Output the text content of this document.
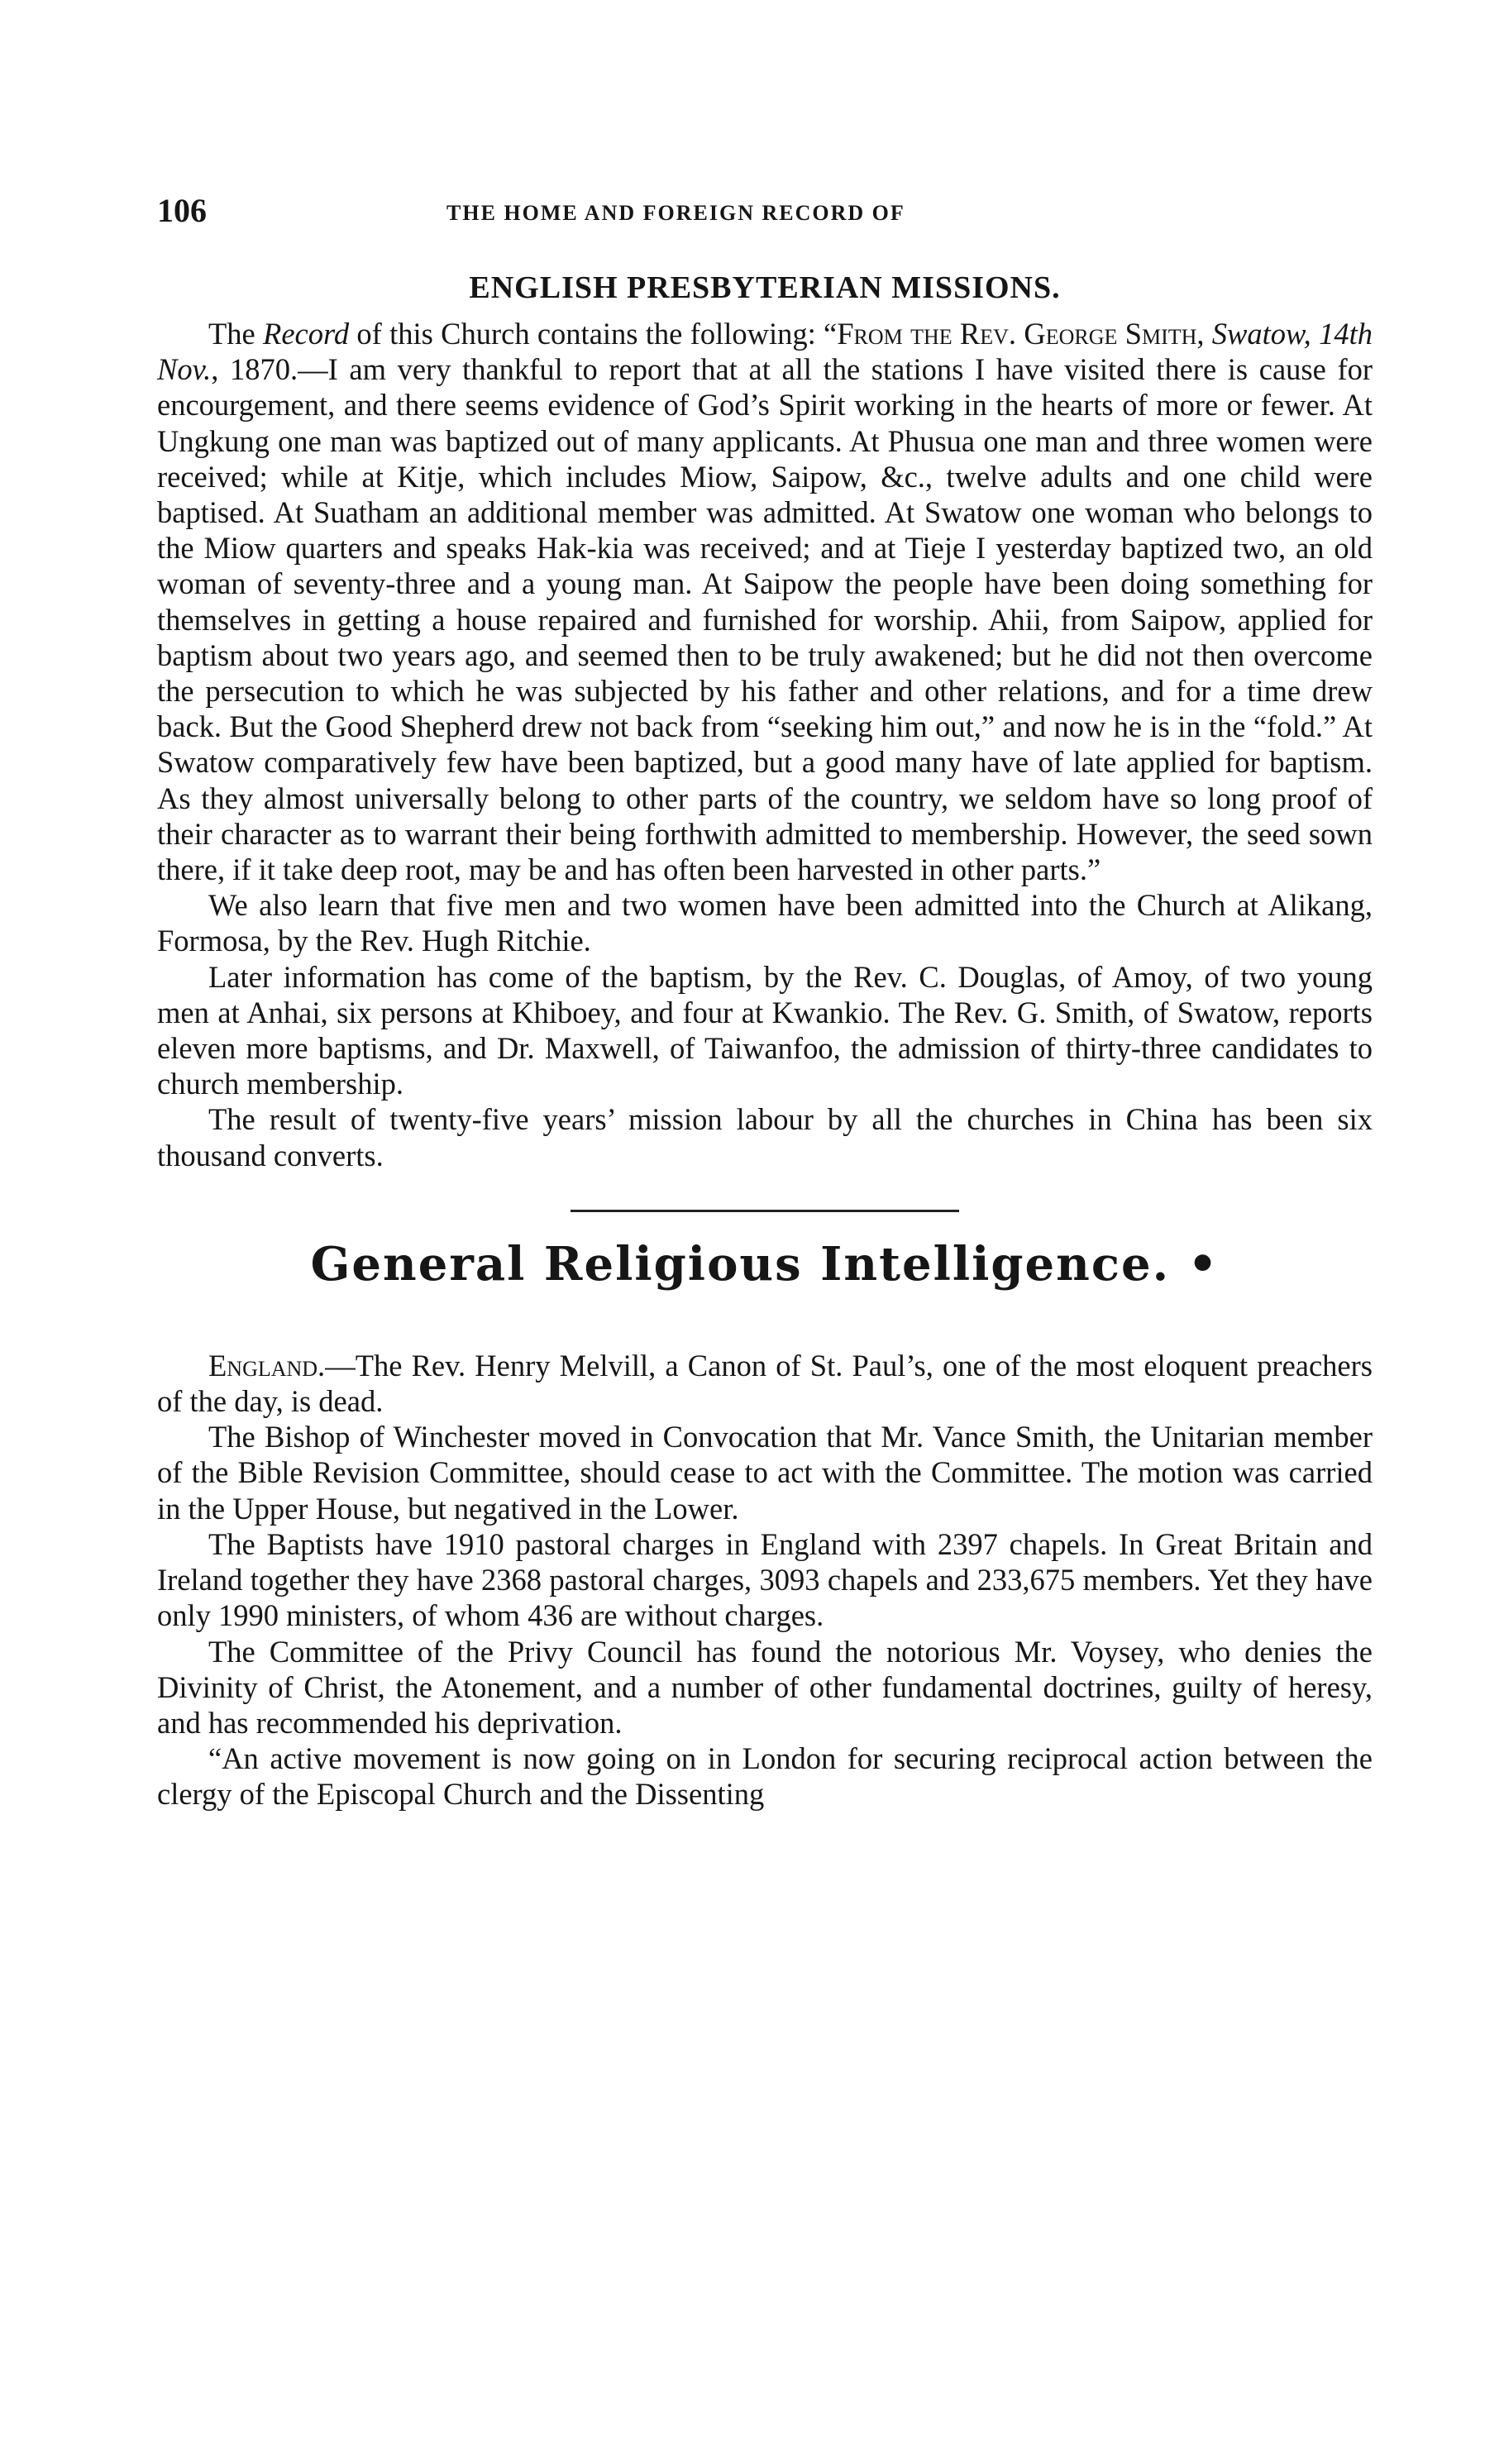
106	THE HOME AND FOREIGN RECORD OF
ENGLISH PRESBYTERIAN MISSIONS.

The Record of this Church contains the following: “From the Rev. George Smith, Swatow, 14th Nov., 1870.—I am very thankful to report that at all the stations I have visited there is cause for encourgement, and there seems evidence of God’s Spirit working in the hearts of more or fewer. At Ungkung one man was baptized out of many applicants. At Phusua one man and three women were received; while at Kitje, which includes Miow, Saipow, &c., twelve adults and one child were baptised. At Suatham an additional member was admitted. At Swatow one woman who belongs to the Miow quarters and speaks Hak-kia was received; and at Tieje I yesterday baptized two, an old woman of seventy-three and a young man. At Saipow the people have been doing something for themselves in getting a house repaired and furnished for worship. Ahii, from Saipow, applied for baptism about two years ago, and seemed then to be truly awakened; but he did not then overcome the persecution to which he was subjected by his father and other relations, and for a time drew back. But the Good Shepherd drew not back from “seeking him out,” and now he is in the “fold.” At Swatow comparatively few have been baptized, but a good many have of late applied for baptism. As they almost universally belong to other parts of the country, we seldom have so long proof of their character as to warrant their being forthwith admitted to membership. However, the seed sown there, if it take deep root, may be and has often been harvested in other parts.”

We also learn that five men and two women have been admitted into the Church at Alikang, Formosa, by the Rev. Hugh Ritchie.

Later information has come of the baptism, by the Rev. C. Douglas, of Amoy, of two young men at Anhai, six persons at Khiboey, and four at Kwankio. The Rev. G. Smith, of Swatow, reports eleven more baptisms, and Dr. Maxwell, of Taiwanfoo, the admission of thirty-three candidates to church membership.

The result of twenty-five years’ mission labour by all the churches in China has been six thousand converts.

General Religious Intelligence. •

England.—The Rev. Henry Melvill, a Canon of St. Paul’s, one of the most eloquent preachers of the day, is dead.

The Bishop of Winchester moved in Convocation that Mr. Vance Smith, the Unitarian member of the Bible Revision Committee, should cease to act with the Committee. The motion was carried in the Upper House, but negatived in the Lower.

The Baptists have 1910 pastoral charges in England with 2397 chapels. In Great Britain and Ireland together they have 2368 pastoral charges, 3093 chapels and 233,675 members. Yet they have only 1990 ministers, of whom 436 are without charges.

The Committee of the Privy Council has found the notorious Mr. Voysey, who denies the Divinity of Christ, the Atonement, and a number of other fundamental doctrines, guilty of heresy, and has recommended his deprivation.

“An active movement is now going on in London for securing reciprocal action between the clergy of the Episcopal Church and the Dissenting
